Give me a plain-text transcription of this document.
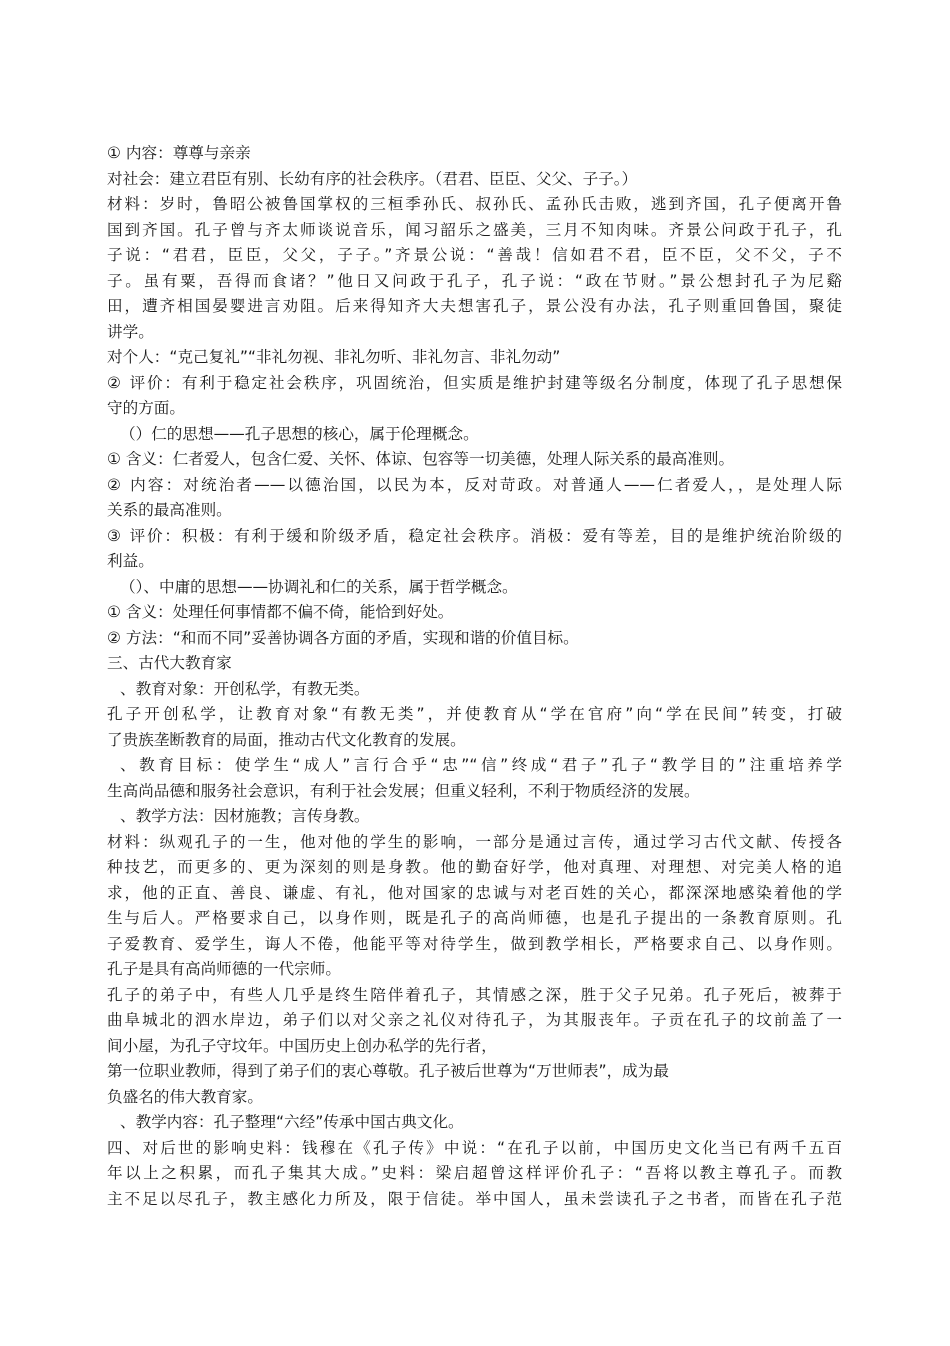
① 内容：尊尊与亲亲
对社会：建立君臣有别、长幼有序的社会秩序。（君君、臣臣、父父、子子。）
材料：岁时，鲁昭公被鲁国掌权的三桓季孙氏、叔孙氏、孟孙氏击败，逃到齐国，孔子便离开鲁
国到齐国。孔子曾与齐太师谈说音乐，闻习韶乐之盛美，三月不知肉味。齐景公问政于孔子，孔
子说：“君君，臣臣，父父，子子。”齐景公说：“善哉！信如君不君，臣不臣，父不父，子不
子。虽有粟，吾得而食诸？”他日又问政于孔子，孔子说：“政在节财。”景公想封孔子为尼谿
田，遭齐相国晏婴进言劝阻。后来得知齐大夫想害孔子，景公没有办法，孔子则重回鲁国，聚徒
讲学。
对个人：“克己复礼”“非礼勿视、非礼勿听、非礼勿言、非礼勿动”
② 评价：有利于稳定社会秩序，巩固统治，但实质是维护封建等级名分制度，体现了孔子思想保
守的方面。
（）仁的思想——孔子思想的核心，属于伦理概念。
① 含义：仁者爱人，包含仁爱、关怀、体谅、包容等一切美德，处理人际关系的最高准则。
② 内容：对统治者——以德治国，以民为本，反对苛政。对普通人——仁者爱人，，是处理人际
关系的最高准则。
③ 评价：积极：有利于缓和阶级矛盾，稳定社会秩序。消极：爱有等差，目的是维护统治阶级的
利益。
（）、中庸的思想——协调礼和仁的关系，属于哲学概念。
① 含义：处理任何事情都不偏不倚，能恰到好处。
② 方法：“和而不同”妥善协调各方面的矛盾，实现和谐的价值目标。
三、古代大教育家
、教育对象：开创私学，有教无类。
孔子开创私学，让教育对象“有教无类”，并使教育从“学在官府”向“学在民间”转变，打破
了贵族垄断教育的局面，推动古代文化教育的发展。
、教育目标：使学生“成人”言行合乎“忠”“信”终成“君子”孔子“教学目的”注重培养学
生高尚品德和服务社会意识，有利于社会发展；但重义轻利，不利于物质经济的发展。
、教学方法：因材施教；言传身教。
材料：纵观孔子的一生，他对他的学生的影响，一部分是通过言传，通过学习古代文献、传授各
种技艺，而更多的、更为深刻的则是身教。他的勤奋好学，他对真理、对理想、对完美人格的追
求，他的正直、善良、谦虚、有礼，他对国家的忠诚与对老百姓的关心，都深深地感染着他的学
生与后人。严格要求自己，以身作则，既是孔子的高尚师德，也是孔子提出的一条教育原则。孔
子爱教育、爱学生，诲人不倦，他能平等对待学生，做到教学相长，严格要求自己、以身作则。
孔子是具有高尚师德的一代宗师。
孔子的弟子中，有些人几乎是终生陪伴着孔子，其情感之深，胜于父子兄弟。孔子死后，被葬于
曲阜城北的泗水岸边，弟子们以对父亲之礼仪对待孔子，为其服丧年。子贡在孔子的坟前盖了一
间小屋，为孔子守坟年。中国历史上创办私学的先行者，
第一位职业教师，得到了弟子们的衷心尊敬。孔子被后世尊为“万世师表”，成为最
负盛名的伟大教育家。
、教学内容：孔子整理“六经”传承中国古典文化。
四、对后世的影响史料：钱穆在《孔子传》中说：“在孔子以前，中国历史文化当已有两千五百
年以上之积累，而孔子集其大成。”史料：梁启超曾这样评价孔子：“吾将以教主尊孔子。而教
主不足以尽孔子，教主感化力所及，限于信徒。举中国人，虽未尝读孔子之书者，而皆在孔子范
